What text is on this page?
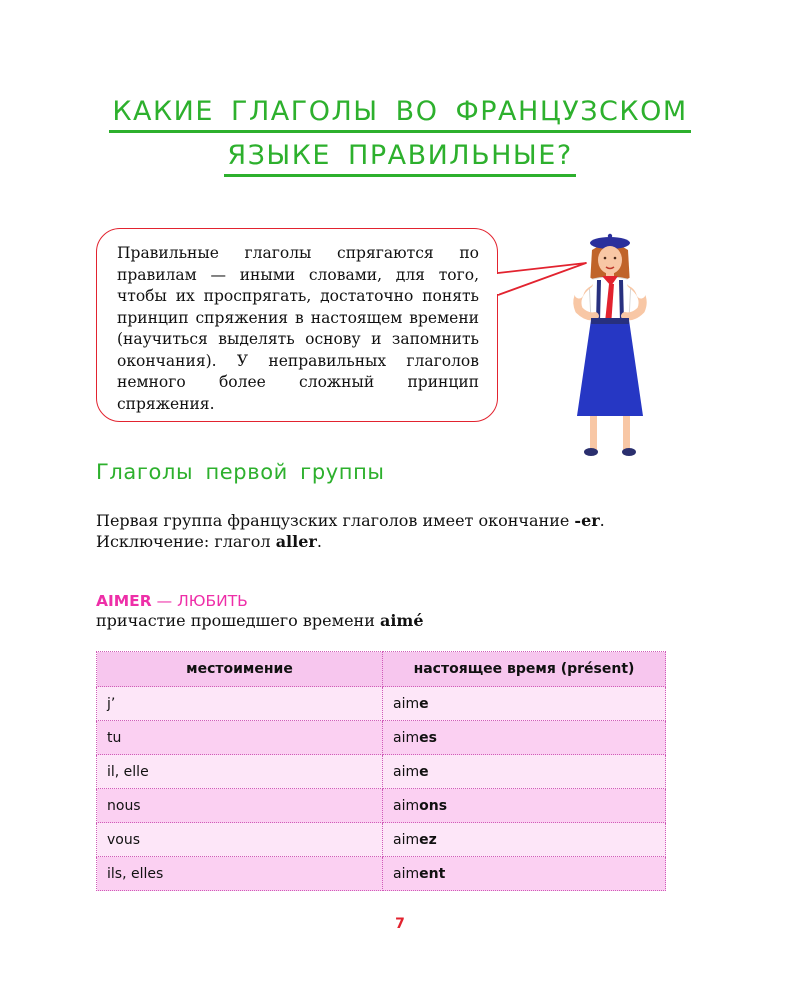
КАКИЕ ГЛАГОЛЫ ВО ФРАНЦУЗСКОМ
ЯЗЫКЕ ПРАВИЛЬНЫЕ?

Правильные глаголы спрягаются по правилам — иными словами, для того, чтобы их проспрягать, достаточно понять принцип спряжения в настоящем времени (научиться выделять основу и запомнить окончания). У неправильных глаголов немного более сложный принцип спряжения.

Глаголы первой группы
Первая группа французских глаголов имеет окончание -er.
Исключение: глагол aller.
AIMER — ЛЮБИТЬ
причастие прошедшего времени aimé
местоимение	настоящее время (présent)
j’	aime
tu	aimes
il, elle	aime
nous	aimons
vous	aimez
ils, elles	aiment
7
